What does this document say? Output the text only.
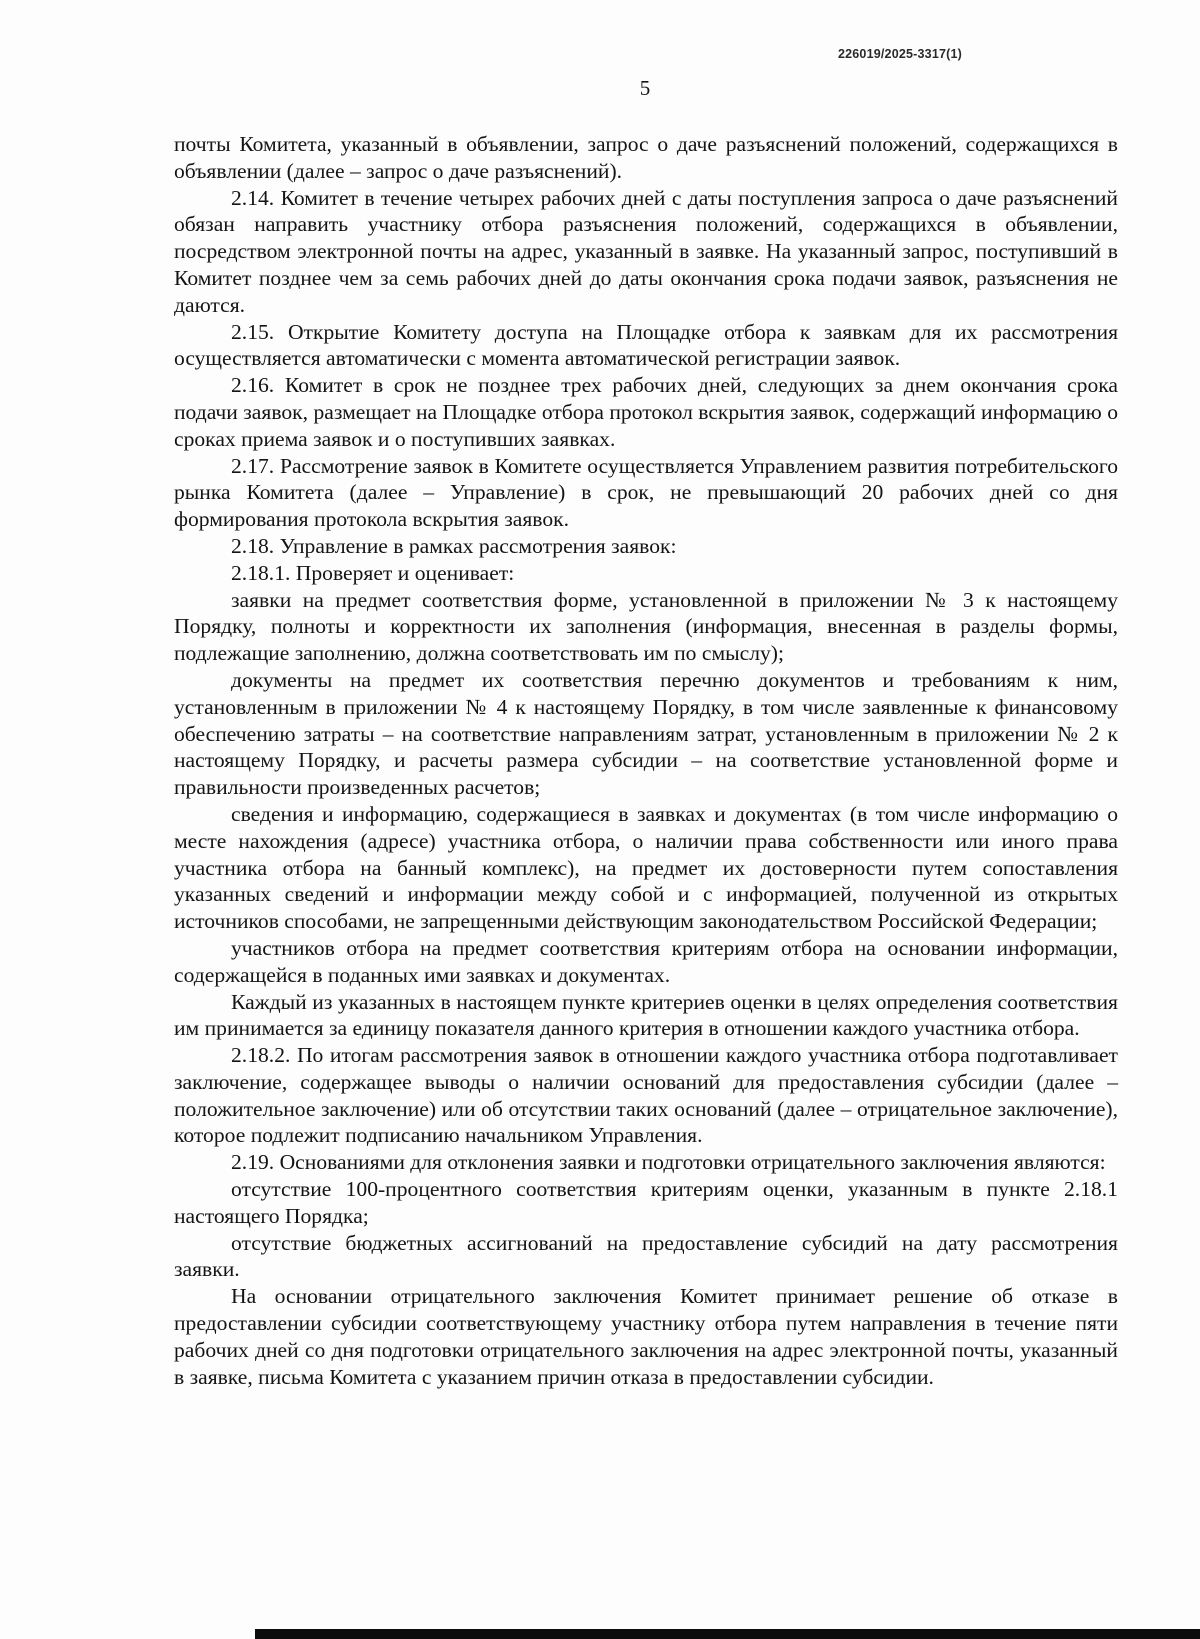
226019/2025-3317(1)
5

почты Комитета, указанный в объявлении, запрос о даче разъяснений положений, содержащихся в объявлении (далее – запрос о даче разъяснений).

2.14. Комитет в течение четырех рабочих дней с даты поступления запроса о даче разъяснений обязан направить участнику отбора разъяснения положений, содержащихся в объявлении, посредством электронной почты на адрес, указанный в заявке. На указанный запрос, поступивший в Комитет позднее чем за семь рабочих дней до даты окончания срока подачи заявок, разъяснения не даются.

2.15. Открытие Комитету доступа на Площадке отбора к заявкам для их рассмотрения осуществляется автоматически с момента автоматической регистрации заявок.

2.16. Комитет в срок не позднее трех рабочих дней, следующих за днем окончания срока подачи заявок, размещает на Площадке отбора протокол вскрытия заявок, содержащий информацию о сроках приема заявок и о поступивших заявках.

2.17. Рассмотрение заявок в Комитете осуществляется Управлением развития потребительского рынка Комитета (далее – Управление) в срок, не превышающий 20 рабочих дней со дня формирования протокола вскрытия заявок.

2.18. Управление в рамках рассмотрения заявок:

2.18.1. Проверяет и оценивает:

заявки на предмет соответствия форме, установленной в приложении № 3 к настоящему Порядку, полноты и корректности их заполнения (информация, внесенная в разделы формы, подлежащие заполнению, должна соответствовать им по смыслу);

документы на предмет их соответствия перечню документов и требованиям к ним, установленным в приложении № 4 к настоящему Порядку, в том числе заявленные к финансовому обеспечению затраты – на соответствие направлениям затрат, установленным в приложении № 2 к настоящему Порядку, и расчеты размера субсидии – на соответствие установленной форме и правильности произведенных расчетов;

сведения и информацию, содержащиеся в заявках и документах (в том числе информацию о месте нахождения (адресе) участника отбора, о наличии права собственности или иного права участника отбора на банный комплекс), на предмет их достоверности путем сопоставления указанных сведений и информации между собой и с информацией, полученной из открытых источников способами, не запрещенными действующим законодательством Российской Федерации;

участников отбора на предмет соответствия критериям отбора на основании информации, содержащейся в поданных ими заявках и документах.

Каждый из указанных в настоящем пункте критериев оценки в целях определения соответствия им принимается за единицу показателя данного критерия в отношении каждого участника отбора.

2.18.2. По итогам рассмотрения заявок в отношении каждого участника отбора подготавливает заключение, содержащее выводы о наличии оснований для предоставления субсидии (далее – положительное заключение) или об отсутствии таких оснований (далее – отрицательное заключение), которое подлежит подписанию начальником Управления.

2.19. Основаниями для отклонения заявки и подготовки отрицательного заключения являются:

отсутствие 100-процентного соответствия критериям оценки, указанным в пункте 2.18.1 настоящего Порядка;

отсутствие бюджетных ассигнований на предоставление субсидий на дату рассмотрения заявки.

На основании отрицательного заключения Комитет принимает решение об отказе в предоставлении субсидии соответствующему участнику отбора путем направления в течение пяти рабочих дней со дня подготовки отрицательного заключения на адрес электронной почты, указанный в заявке, письма Комитета с указанием причин отказа в предоставлении субсидии.
